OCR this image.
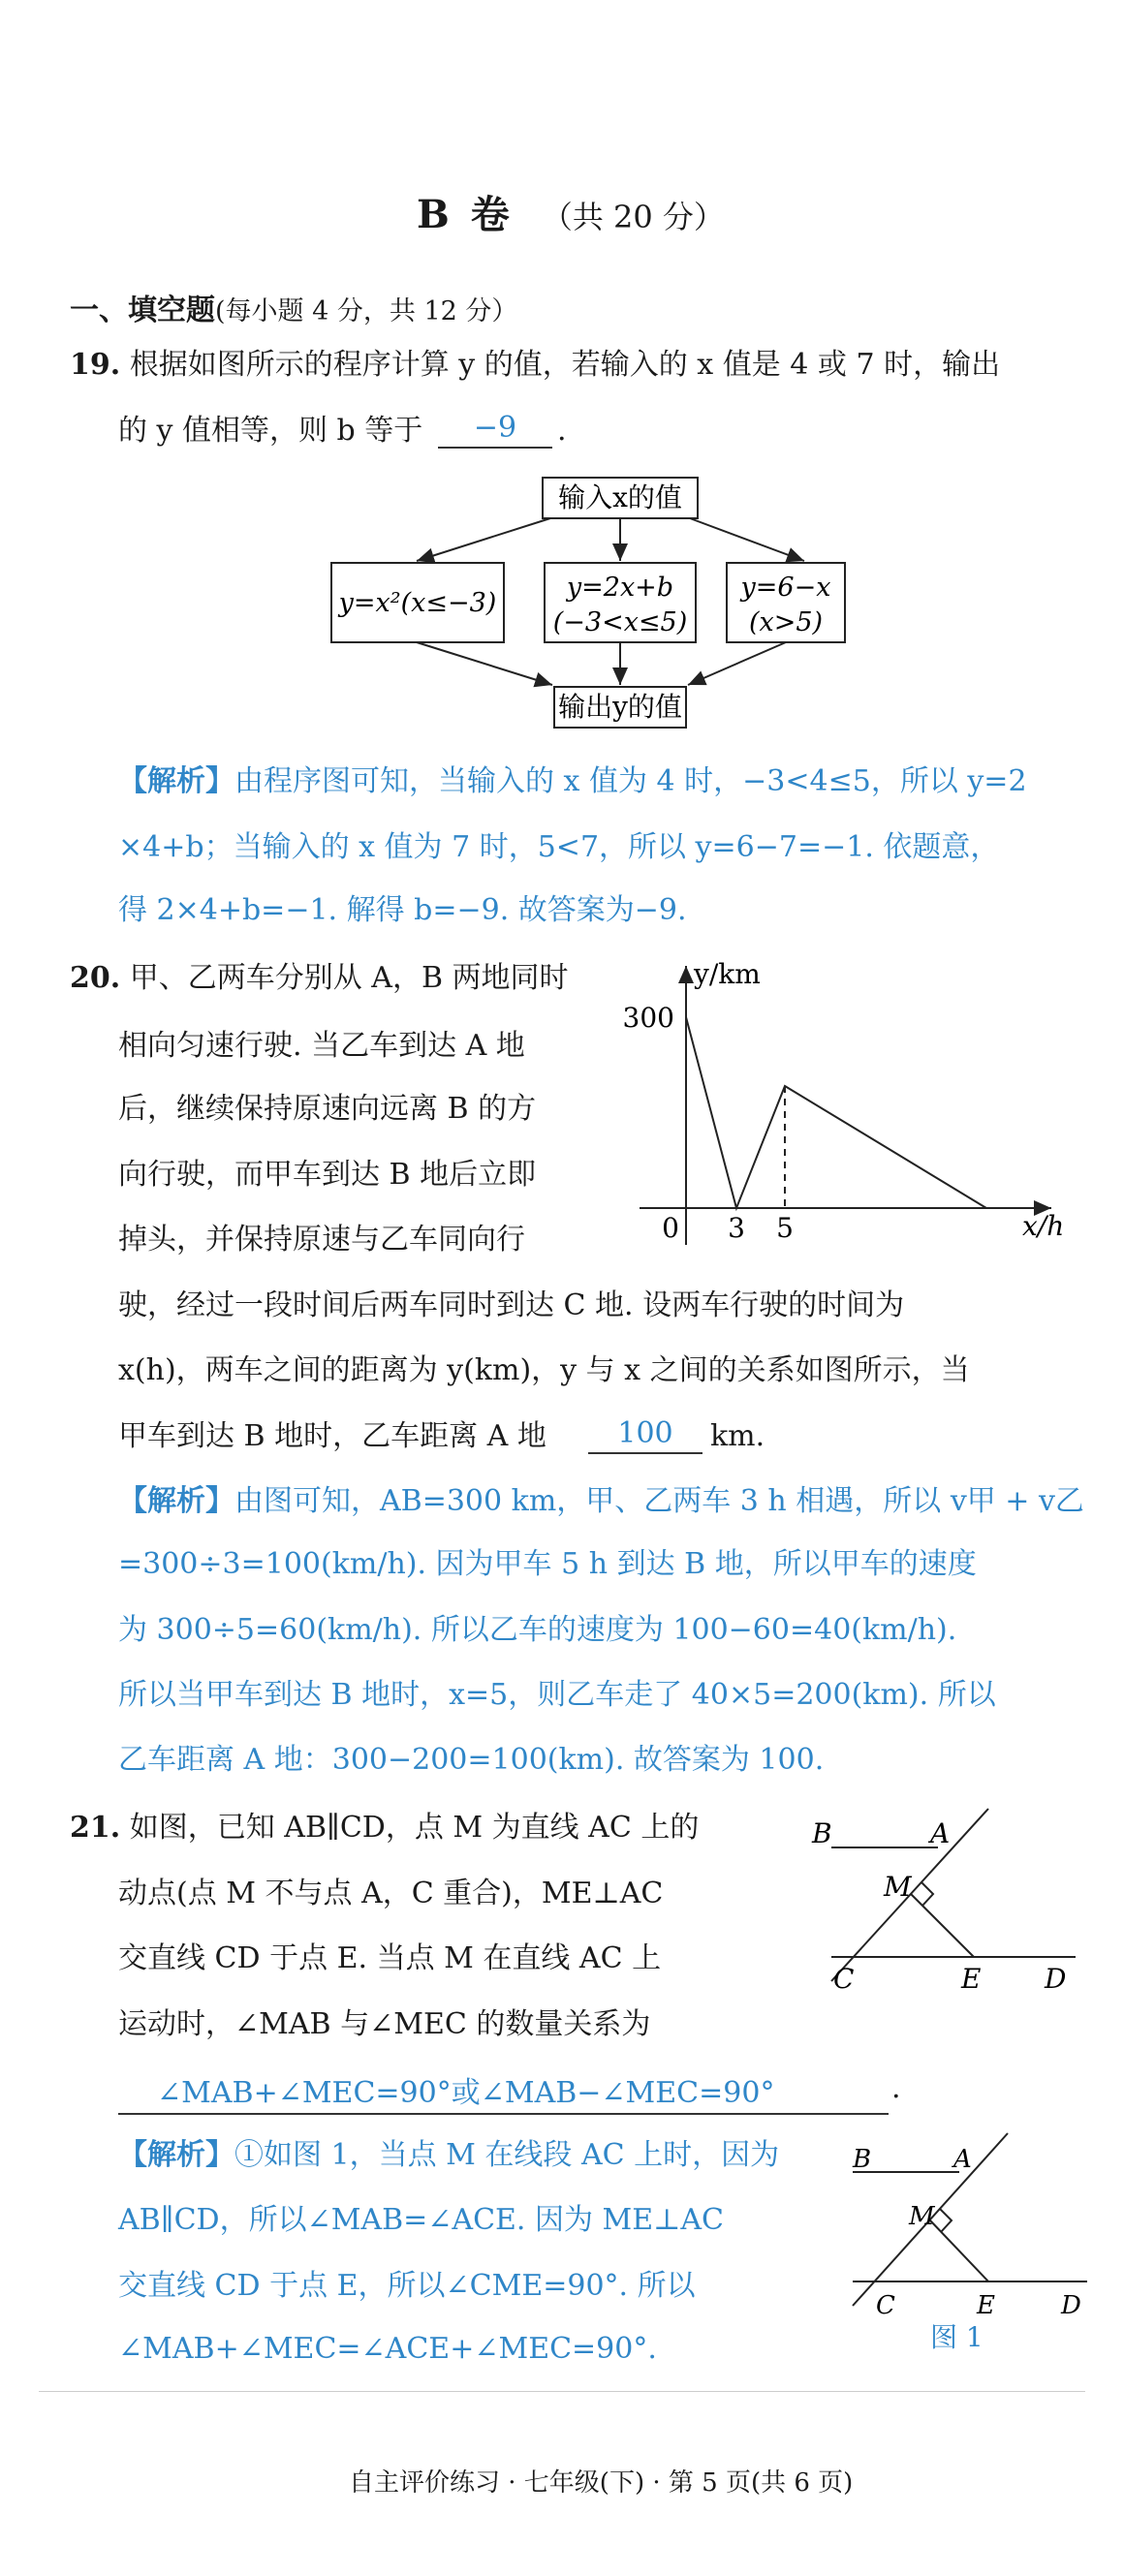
B 卷 （共 20 分）
一、填空题(每小题 4 分，共 12 分）
19. 根据如图所示的程序计算 y 的值，若输入的 x 值是 4 或 7 时，输出
的 y 值相等，则 b 等于	−9	.
输入x的值
y=x²(x≤−3)
y=2x+b
(−3<x≤5)
y=6−x
(x>5)
输出y的值
【解析】由程序图可知，当输入的 x 值为 4 时，−3<4≤5，所以 y=2
×4+b；当输入的 x 值为 7 时，5<7，所以 y=6−7=−1. 依题意，
得 2×4+b=−1. 解得 b=−9. 故答案为−9.
20. 甲、乙两车分别从 A，B 两地同时
相向匀速行驶. 当乙车到达 A 地
后，继续保持原速向远离 B 的方
向行驶，而甲车到达 B 地后立即
掉头，并保持原速与乙车同向行
驶，经过一段时间后两车同时到达 C 地. 设两车行驶的时间为
x(h)，两车之间的距离为 y(km)，y 与 x 之间的关系如图所示，当
甲车到达 B 地时，乙车距离 A 地	100	km.
y/km
x/h
300
0 3 5
【解析】由图可知，AB=300 km，甲、乙两车 3 h 相遇，所以 v甲 + v乙
=300÷3=100(km/h). 因为甲车 5 h 到达 B 地，所以甲车的速度
为 300÷5=60(km/h). 所以乙车的速度为 100−60=40(km/h).
所以当甲车到达 B 地时，x=5，则乙车走了 40×5=200(km). 所以
乙车距离 A 地：300−200=100(km). 故答案为 100.
21. 如图，已知 AB∥CD，点 M 为直线 AC 上的
动点(点 M 不与点 A，C 重合)，ME⊥AC
交直线 CD 于点 E. 当点 M 在直线 AC 上
运动时，∠MAB 与∠MEC 的数量关系为
∠MAB+∠MEC=90°或∠MAB−∠MEC=90°	.
B	A
M
C	E D
【解析】①如图 1，当点 M 在线段 AC 上时，因为
AB∥CD，所以∠MAB=∠ACE. 因为 ME⊥AC
交直线 CD 于点 E，所以∠CME=90°. 所以
∠MAB+∠MEC=∠ACE+∠MEC=90°.
B	A
M
C	E	D
图 1
自主评价练习 · 七年级(下) · 第 5 页(共 6 页)
